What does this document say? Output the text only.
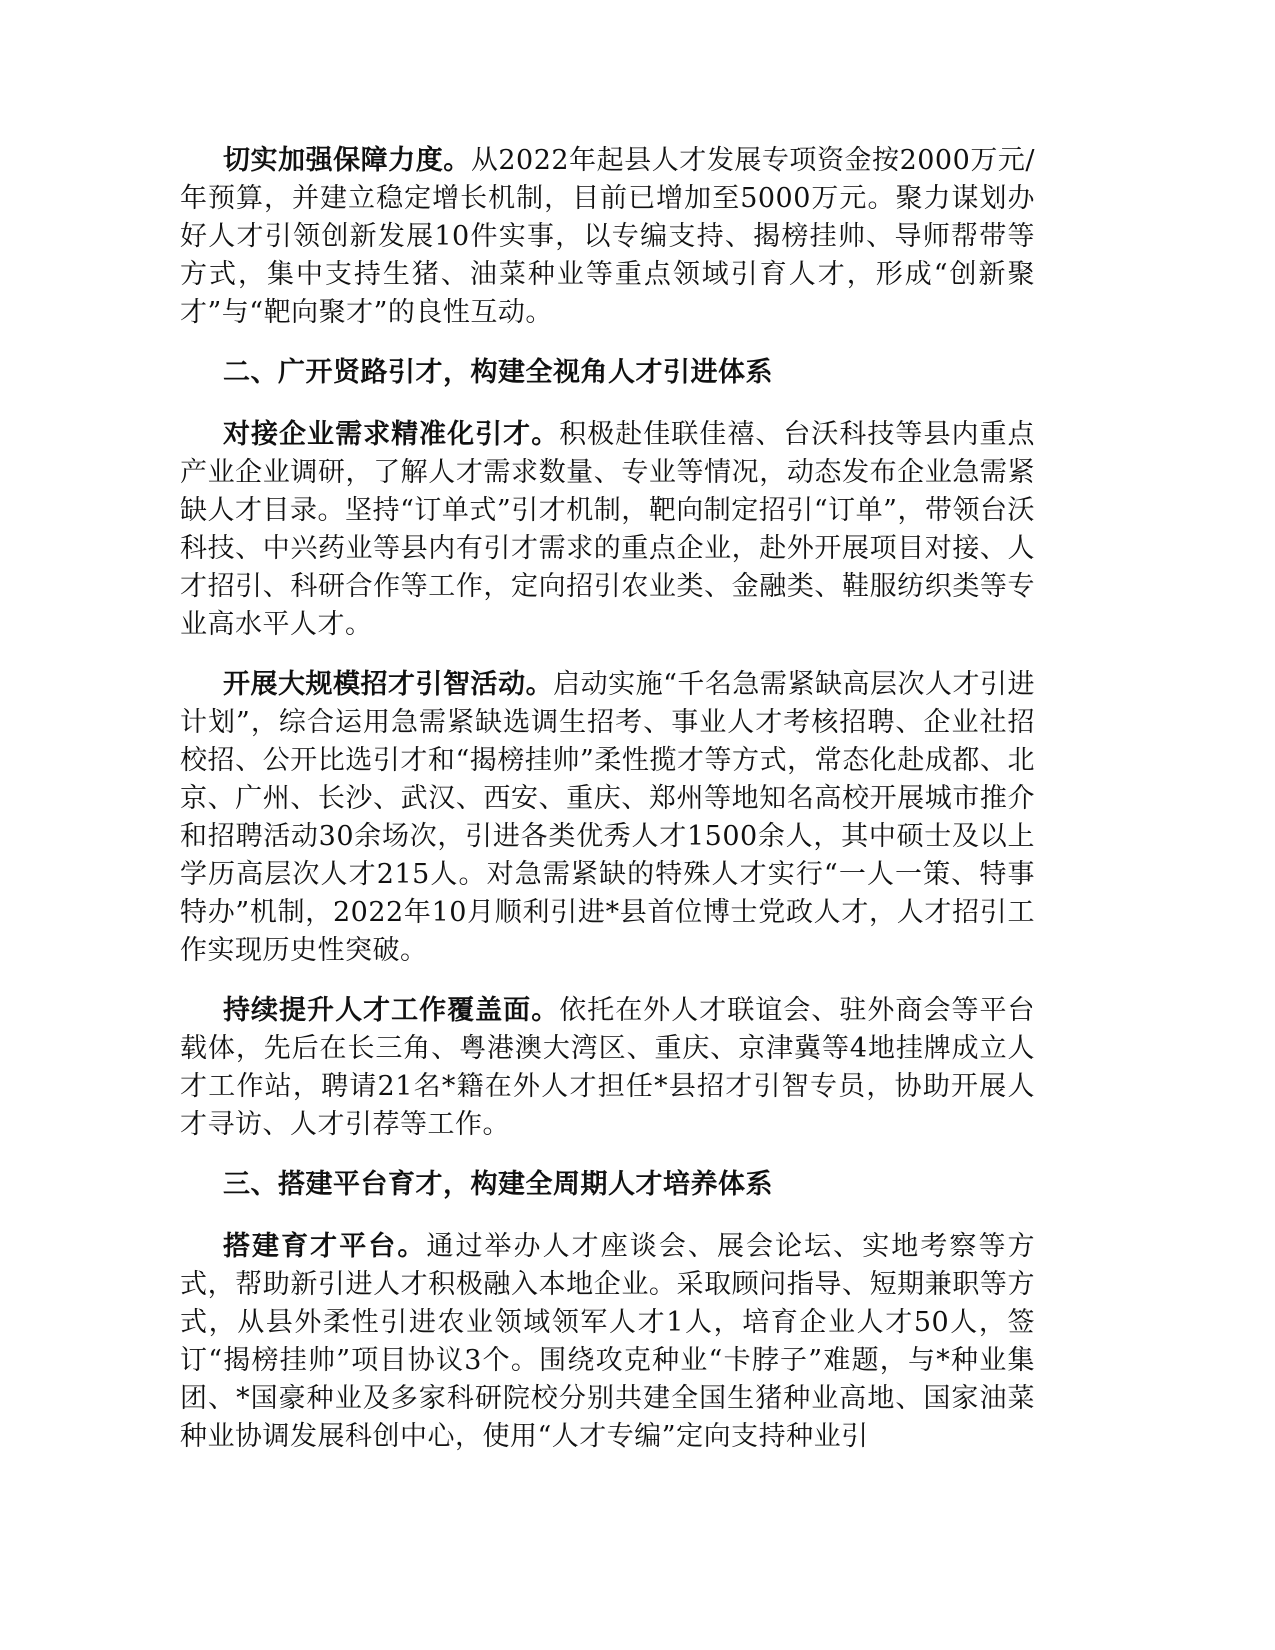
切实加强保障力度。从2022年起县人才发展专项资金按2000万元/年预算，并建立稳定增长机制，目前已增加至5000万元。聚力谋划办好人才引领创新发展10件实事，以专编支持、揭榜挂帅、导师帮带等方式，集中支持生猪、油菜种业等重点领域引育人才，形成“创新聚才”与“靶向聚才”的良性互动。

二、广开贤路引才，构建全视角人才引进体系

对接企业需求精准化引才。积极赴佳联佳禧、台沃科技等县内重点产业企业调研，了解人才需求数量、专业等情况，动态发布企业急需紧缺人才目录。坚持“订单式”引才机制，靶向制定招引“订单”，带领台沃科技、中兴药业等县内有引才需求的重点企业，赴外开展项目对接、人才招引、科研合作等工作，定向招引农业类、金融类、鞋服纺织类等专业高水平人才。

开展大规模招才引智活动。启动实施“千名急需紧缺高层次人才引进计划”，综合运用急需紧缺选调生招考、事业人才考核招聘、企业社招校招、公开比选引才和“揭榜挂帅”柔性揽才等方式，常态化赴成都、北京、广州、长沙、武汉、西安、重庆、郑州等地知名高校开展城市推介和招聘活动30余场次，引进各类优秀人才1500余人，其中硕士及以上学历高层次人才215人。对急需紧缺的特殊人才实行“一人一策、特事特办”机制，2022年10月顺利引进*县首位博士党政人才，人才招引工作实现历史性突破。

持续提升人才工作覆盖面。依托在外人才联谊会、驻外商会等平台载体，先后在长三角、粤港澳大湾区、重庆、京津冀等4地挂牌成立人才工作站，聘请21名*籍在外人才担任*县招才引智专员，协助开展人才寻访、人才引荐等工作。

三、搭建平台育才，构建全周期人才培养体系

搭建育才平台。通过举办人才座谈会、展会论坛、实地考察等方式，帮助新引进人才积极融入本地企业。采取顾问指导、短期兼职等方式，从县外柔性引进农业领域领军人才1人，培育企业人才50人，签订“揭榜挂帅”项目协议3个。围绕攻克种业“卡脖子”难题，与*种业集团、*国豪种业及多家科研院校分别共建全国生猪种业高地、国家油菜种业协调发展科创中心，使用“人才专编”定向支持种业引
